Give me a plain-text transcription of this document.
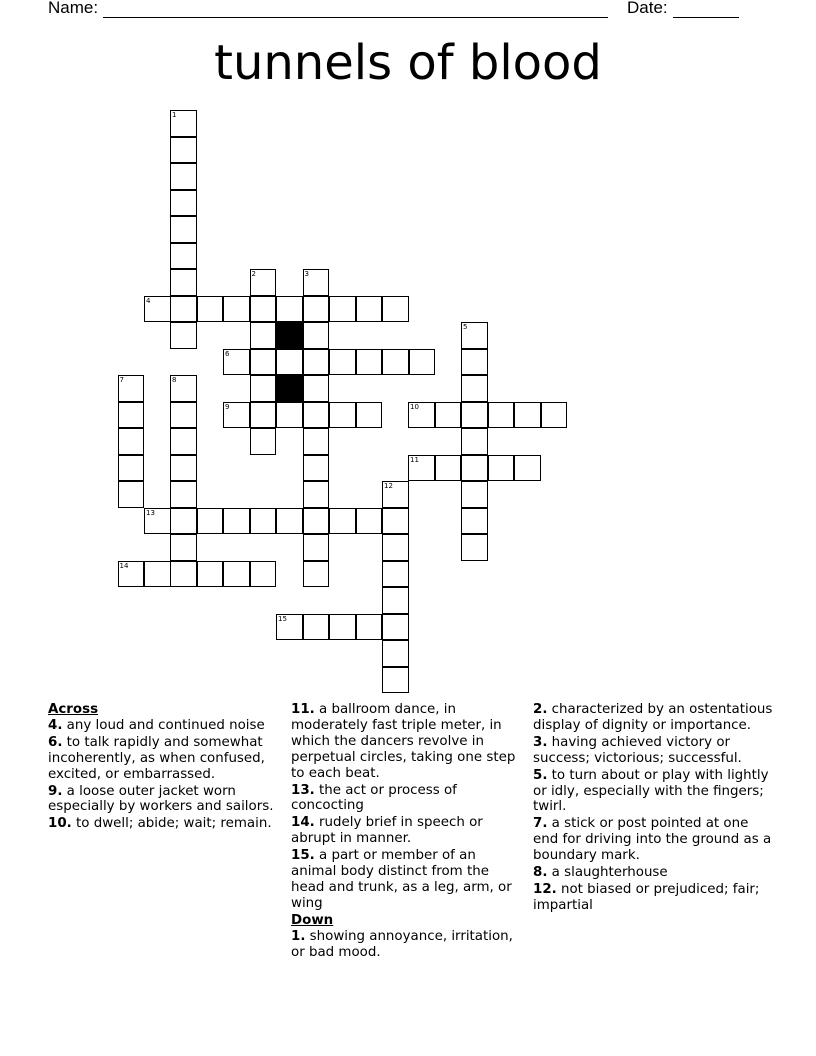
Name:	Date:
tunnels of blood
1
4
2	3
6
9
5
10
11
7	8
13
12
14
15

Across

4. any loud and continued noise

6. to talk rapidly and somewhat incoherently, as when confused, excited, or embarrassed.

9. a loose outer jacket worn especially by workers and sailors.

10. to dwell; abide; wait; remain.

11. a ballroom dance, in moderately fast triple meter, in which the dancers revolve in perpetual circles, taking one step to each beat.

13. the act or process of concocting

14. rudely brief in speech or abrupt in manner.

15. a part or member of an animal body distinct from the head and trunk, as a leg, arm, or wing

Down

1. showing annoyance, irritation, or bad mood.

2. characterized by an ostentatious display of dignity or importance.

3. having achieved victory or success; victorious; successful.

5. to turn about or play with lightly or idly, especially with the fingers; twirl.

7. a stick or post pointed at one end for driving into the ground as a boundary mark.

8. a slaughterhouse

12. not biased or prejudiced; fair; impartial
